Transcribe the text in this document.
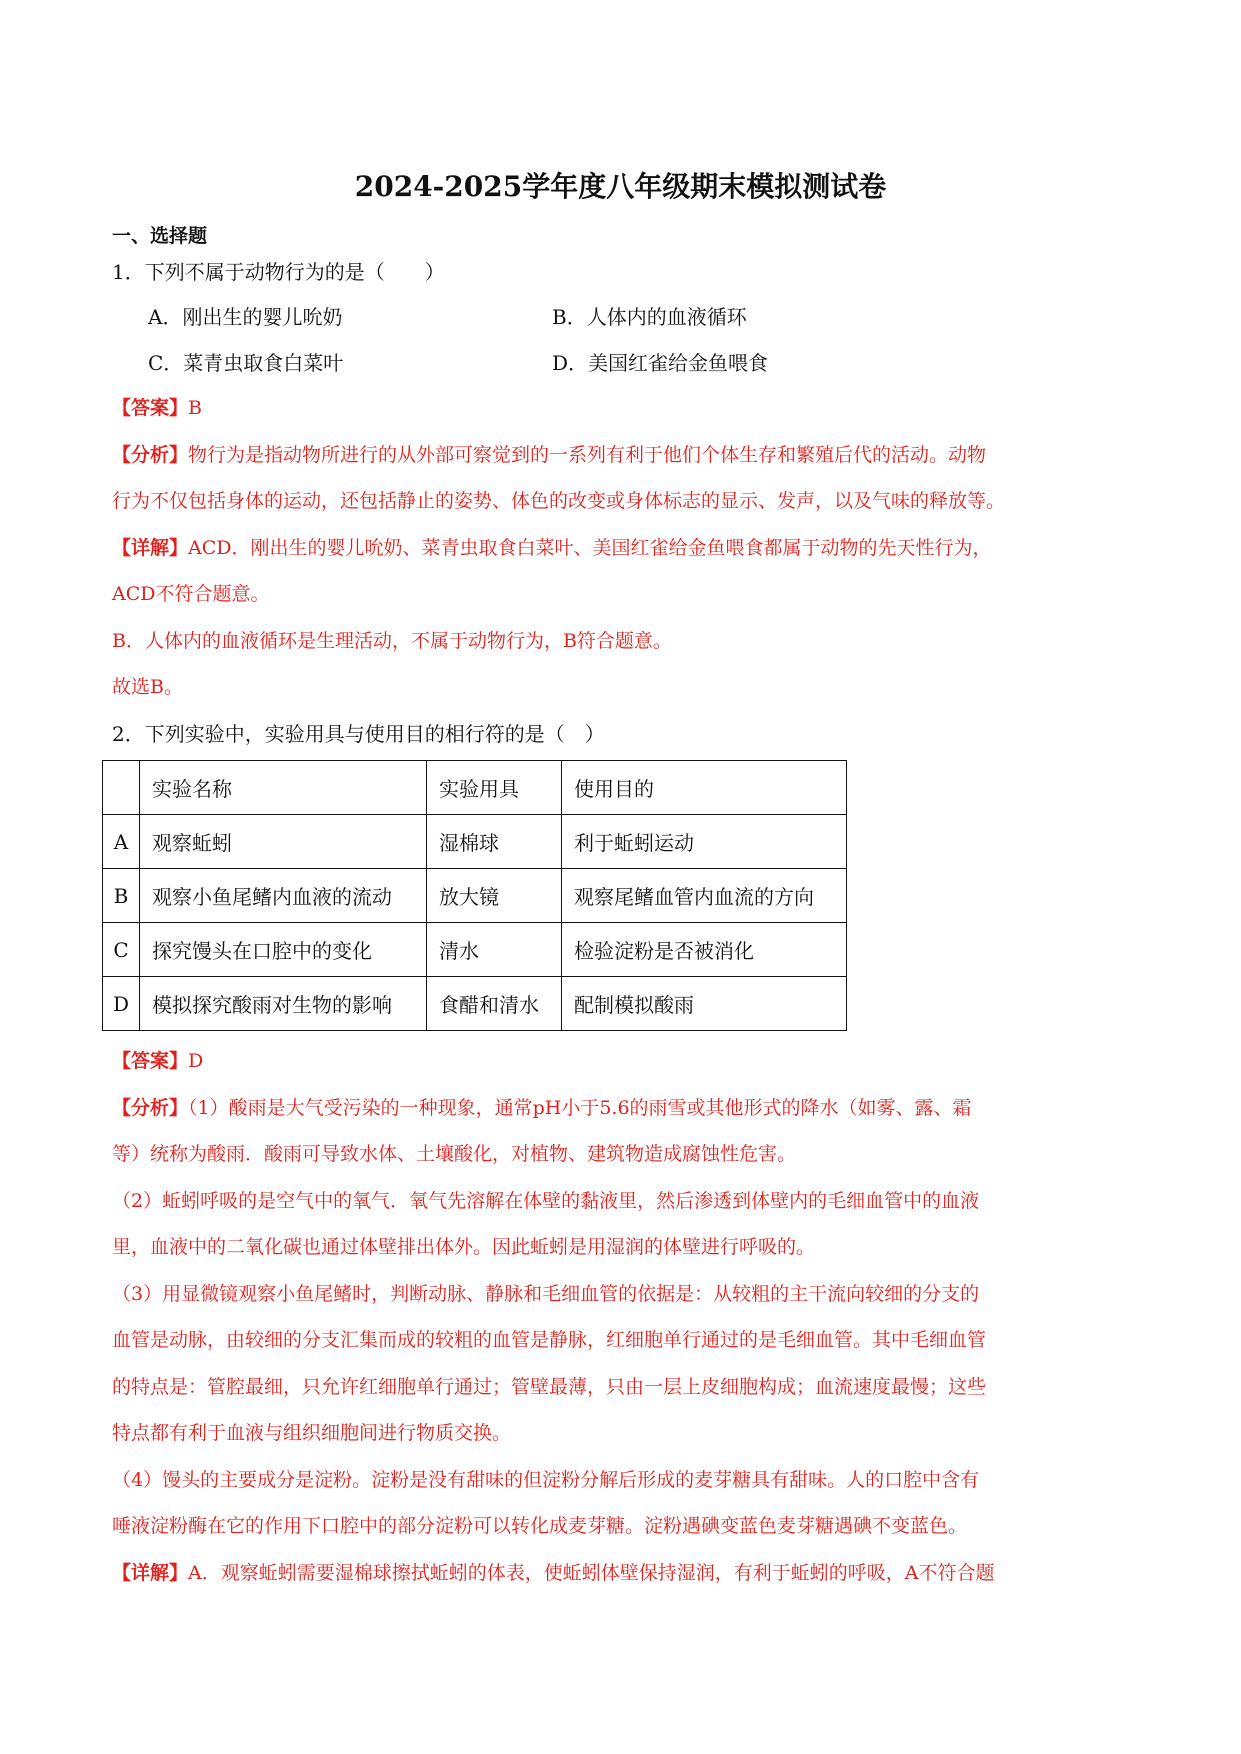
2024-2025学年度八年级期末模拟测试卷
一、选择题
1．下列不属于动物行为的是（　　）
A．刚出生的婴儿吮奶	B．人体内的血液循环
C．菜青虫取食白菜叶	D．美国红雀给金鱼喂食
【答案】B
【分析】物行为是指动物所进行的从外部可察觉到的一系列有利于他们个体生存和繁殖后代的活动。动物
行为不仅包括身体的运动，还包括静止的姿势、体色的改变或身体标志的显示、发声，以及气味的释放等。
【详解】ACD．刚出生的婴儿吮奶、菜青虫取食白菜叶、美国红雀给金鱼喂食都属于动物的先天性行为，
ACD不符合题意。
B．人体内的血液循环是生理活动，不属于动物行为，B符合题意。
故选B。
2．下列实验中，实验用具与使用目的相行符的是（　）
	实验名称	实验用具	使用目的
A	观察蚯蚓	湿棉球	利于蚯蚓运动
B	观察小鱼尾鳍内血液的流动	放大镜	观察尾鳍血管内血流的方向
C	探究馒头在口腔中的变化	清水	检验淀粉是否被消化
D	模拟探究酸雨对生物的影响	食醋和清水	配制模拟酸雨
【答案】D
【分析】（1）酸雨是大气受污染的一种现象，通常pH小于5.6的雨雪或其他形式的降水（如雾、露、霜
等）统称为酸雨．酸雨可导致水体、土壤酸化，对植物、建筑物造成腐蚀性危害。
（2）蚯蚓呼吸的是空气中的氧气．氧气先溶解在体壁的黏液里，然后渗透到体壁内的毛细血管中的血液
里，血液中的二氧化碳也通过体壁排出体外。因此蚯蚓是用湿润的体壁进行呼吸的。
（3）用显微镜观察小鱼尾鳍时，判断动脉、静脉和毛细血管的依据是：从较粗的主干流向较细的分支的
血管是动脉，由较细的分支汇集而成的较粗的血管是静脉，红细胞单行通过的是毛细血管。其中毛细血管
的特点是：管腔最细，只允许红细胞单行通过；管壁最薄，只由一层上皮细胞构成；血流速度最慢；这些
特点都有利于血液与组织细胞间进行物质交换。
（4）馒头的主要成分是淀粉。淀粉是没有甜味的但淀粉分解后形成的麦芽糖具有甜味。人的口腔中含有
唾液淀粉酶在它的作用下口腔中的部分淀粉可以转化成麦芽糖。淀粉遇碘变蓝色麦芽糖遇碘不变蓝色。
【详解】A．观察蚯蚓需要湿棉球擦拭蚯蚓的体表，使蚯蚓体壁保持湿润，有利于蚯蚓的呼吸，A不符合题
